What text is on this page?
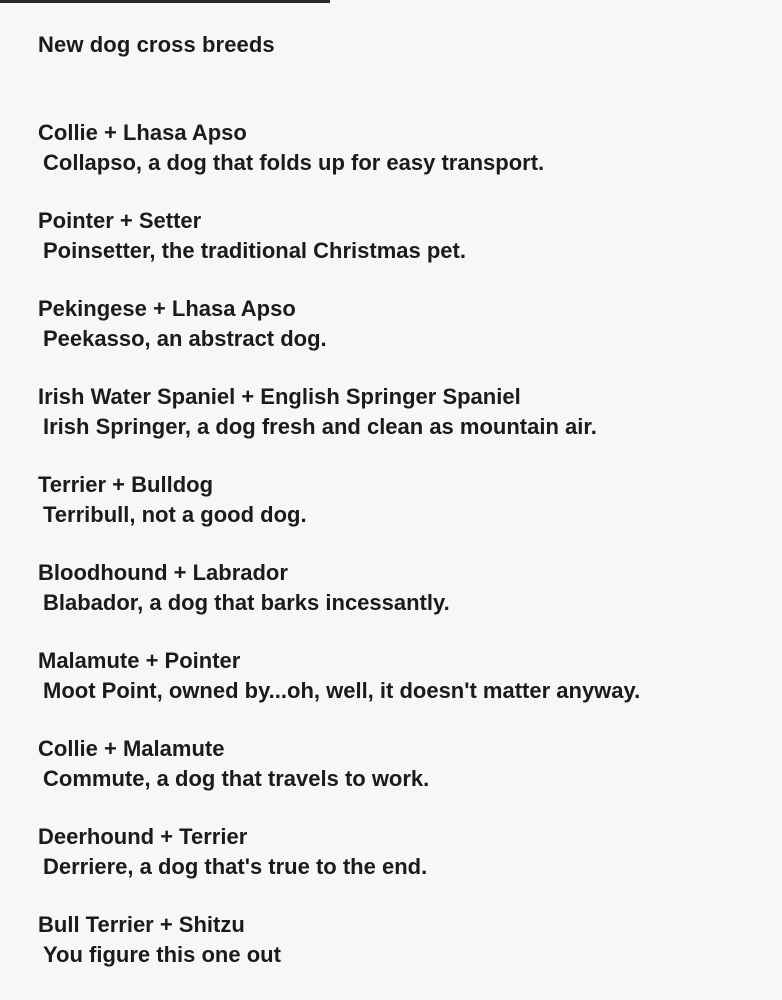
New dog cross breeds
Collie + Lhasa Apso
Collapso, a dog that folds up for easy transport.
Pointer + Setter
Poinsetter, the traditional Christmas pet.
Pekingese + Lhasa Apso
Peekasso, an abstract dog.
Irish Water Spaniel + English Springer Spaniel
Irish Springer, a dog fresh and clean as mountain air.
Terrier + Bulldog
Terribull, not a good dog.
Bloodhound + Labrador
Blabador, a dog that barks incessantly.
Malamute + Pointer
Moot Point, owned by...oh, well, it doesn't matter anyway.
Collie + Malamute
Commute, a dog that travels to work.
Deerhound + Terrier
Derriere, a dog that's true to the end.
Bull Terrier + Shitzu
You figure this one out
